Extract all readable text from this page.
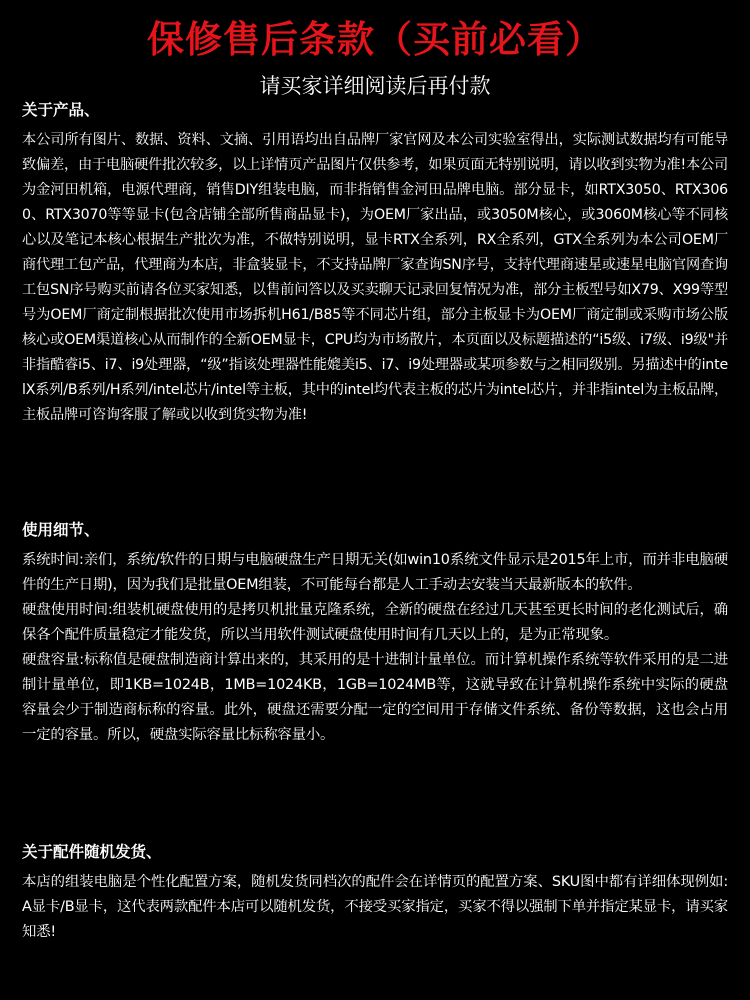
保修售后条款（买前必看）
请买家详细阅读后再付款
关于产品、
本公司所有图片、数据、资料、文摘、引用语均出自品牌厂家官网及本公司实验室得出，实际测试数据均有可能导致偏差，由于电脑硬件批次较多，以上详情页产品图片仅供参考，如果页面无特别说明，请以收到实物为准!本公司为金河田机箱，电源代理商，销售DIY组装电脑，而非指销售金河田品牌电脑。部分显卡，如RTX3050、RTX3060、RTX3070等等显卡(包含店铺全部所售商品显卡)，为OEM厂家出品，或3050M核心，或3060M核心等不同核心以及笔记本核心根据生产批次为准，不做特别说明，显卡RTX全系列，RX全系列，GTX全系列为本公司OEM厂商代理工包产品，代理商为本店，非盒装显卡，不支持品牌厂家查询SN序号，支持代理商速星或速星电脑官网查询工包SN序号购买前请各位买家知悉，以售前问答以及买卖聊天记录回复情况为准，部分主板型号如X79、X99等型号为OEM厂商定制根据批次使用市场拆机H61/B85等不同芯片组，部分主板显卡为OEM厂商定制或采购市场公版核心或OEM渠道核心从而制作的全新OEM显卡，CPU均为市场散片，本页面以及标题描述的“i5级、i7级、i9级"并非指酷睿i5、i7、i9处理器，“级”指该处理器性能媲美i5、i7、i9处理器或某项参数与之相同级别。另描述中的intelX系列/B系列/H系列/intel芯片/intel等主板，其中的intel均代表主板的芯片为intel芯片，并非指intel为主板品牌，主板品牌可咨询客服了解或以收到货实物为准!
使用细节、
系统时间:亲们，系统/软件的日期与电脑硬盘生产日期无关(如win10系统文件显示是2015年上市，而并非电脑硬件的生产日期)，因为我们是批量OEM组装，不可能每台都是人工手动去安装当天最新版本的软件。
硬盘使用时间:组装机硬盘使用的是拷贝机批量克隆系统，全新的硬盘在经过几天甚至更长时间的老化测试后，确保各个配件质量稳定才能发货，所以当用软件测试硬盘使用时间有几天以上的，是为正常现象。
硬盘容量:标称值是硬盘制造商计算出来的，其采用的是十进制计量单位。而计算机操作系统等软件采用的是二进制计量单位，即1KB=1024B，1MB=1024KB，1GB=1024MB等，这就导致在计算机操作系统中实际的硬盘容量会少于制造商标称的容量。此外，硬盘还需要分配一定的空间用于存储文件系统、备份等数据，这也会占用一定的容量。所以，硬盘实际容量比标称容量小。
关于配件随机发货、
本店的组装电脑是个性化配置方案，随机发货同档次的配件会在详情页的配置方案、SKU图中都有详细体现例如:A显卡/B显卡，这代表两款配件本店可以随机发货，不接受买家指定，买家不得以强制下单并指定某显卡，请买家知悉!
